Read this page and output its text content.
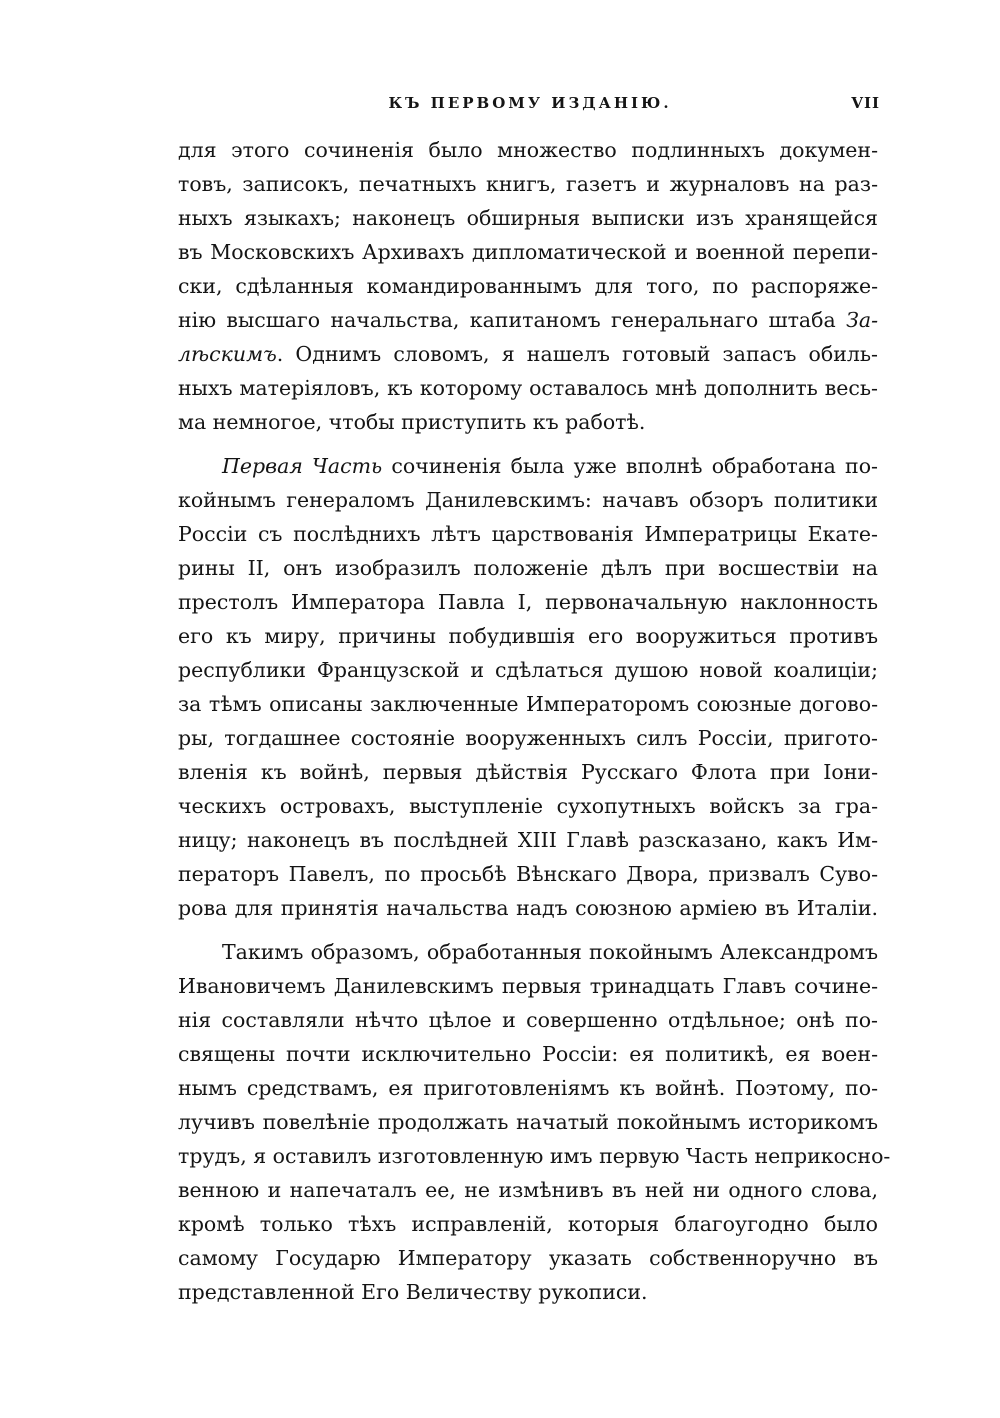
КЪ ПЕРВОМУ ИЗДАНІЮ.	VII
для этого сочиненія было множество подлинныхъ докумен-
товъ, записокъ, печатныхъ книгъ, газетъ и журналовъ на раз-
ныхъ языкахъ; наконецъ обширныя выписки изъ хранящейся
въ Московскихъ Архивахъ дипломатической и военной перепи-
ски, сдѣланныя командированнымъ для того, по распоряже-
нію высшаго начальства, капитаномъ генеральнаго штаба За-
лѣскимъ. Однимъ словомъ, я нашелъ готовый запасъ обиль-
ныхъ матеріяловъ, къ которому оставалось мнѣ дополнить весь-
ма немногое, чтобы приступить къ работѣ.
Первая Часть сочиненія была уже вполнѣ обработана по-
койнымъ генераломъ Данилевскимъ: начавъ обзоръ политики
Россіи съ послѣднихъ лѣтъ царствованія Императрицы Екате-
рины II, онъ изобразилъ положеніе дѣлъ при восшествіи на
престолъ Императора Павла I, первоначальную наклонность
его къ миру, причины побудившія его вооружиться противъ
республики Французской и сдѣлаться душою новой коалиціи;
за тѣмъ описаны заключенные Императоромъ союзные догово-
ры, тогдашнее состояніе вооруженныхъ силъ Россіи, пригото-
вленія къ войнѣ, первыя дѣйствія Русскаго Флота при Іони-
ческихъ островахъ, выступленіе сухопутныхъ войскъ за гра-
ницу; наконецъ въ послѣдней XIII Главѣ разсказано, какъ Им-
ператоръ Павелъ, по просьбѣ Вѣнскаго Двора, призвалъ Суво-
рова для принятія начальства надъ союзною арміею въ Италіи.
Такимъ образомъ, обработанныя покойнымъ Александромъ
Ивановичемъ Данилевскимъ первыя тринадцать Главъ сочине-
нія составляли нѣчто цѣлое и совершенно отдѣльное; онѣ по-
священы почти исключительно Россіи: ея политикѣ, ея воен-
нымъ средствамъ, ея приготовленіямъ къ войнѣ. Поэтому, по-
лучивъ повелѣніе продолжать начатый покойнымъ историкомъ
трудъ, я оставилъ изготовленную имъ первую Часть неприкосно-
венною и напечаталъ ее, не измѣнивъ въ ней ни одного слова,
кромѣ только тѣхъ исправленій, которыя благоугодно было
самому Государю Императору указать собственноручно въ
представленной Его Величеству рукописи.
